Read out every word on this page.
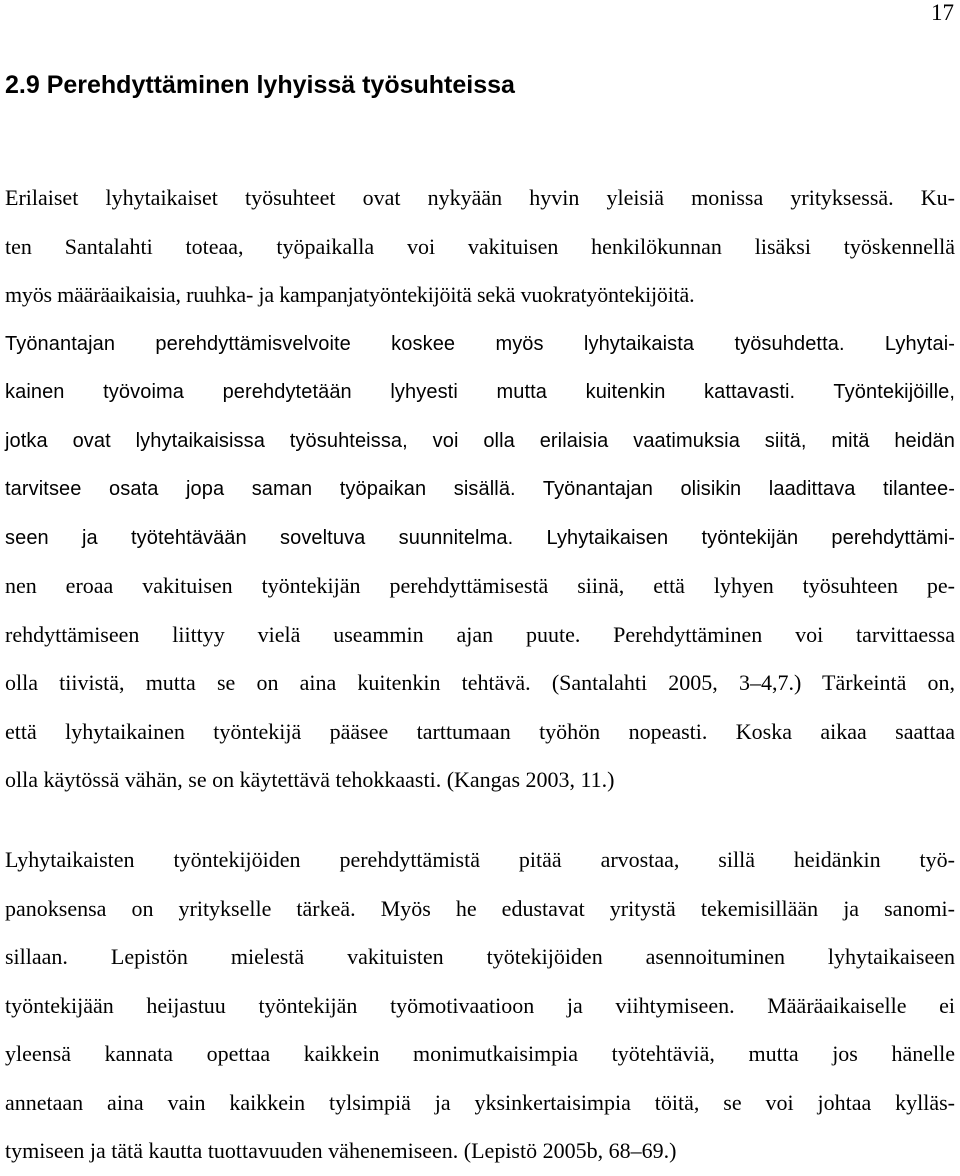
17
2.9 Perehdyttäminen lyhyissä työsuhteissa
Erilaiset lyhytaikaiset työsuhteet ovat nykyään hyvin yleisiä monissa yrityksessä. Ku-
ten Santalahti toteaa, työpaikalla voi vakituisen henkilökunnan lisäksi työskennellä
myös määräaikaisia, ruuhka- ja kampanjatyöntekijöitä sekä vuokratyöntekijöitä.
Työnantajan perehdyttämisvelvoite koskee myös lyhytaikaista työsuhdetta. Lyhytai-
kainen työvoima perehdytetään lyhyesti mutta kuitenkin kattavasti. Työntekijöille,
jotka ovat lyhytaikaisissa työsuhteissa, voi olla erilaisia vaatimuksia siitä, mitä heidän
tarvitsee osata jopa saman työpaikan sisällä. Työnantajan olisikin laadittava tilantee-
seen ja työtehtävään soveltuva suunnitelma. Lyhytaikaisen työntekijän perehdyttämi-
nen eroaa vakituisen työntekijän perehdyttämisestä siinä, että lyhyen työsuhteen pe-
rehdyttämiseen liittyy vielä useammin ajan puute. Perehdyttäminen voi tarvittaessa
olla tiivistä, mutta se on aina kuitenkin tehtävä. (Santalahti 2005, 3–4,7.) Tärkeintä on,
että lyhytaikainen työntekijä pääsee tarttumaan työhön nopeasti. Koska aikaa saattaa
olla käytössä vähän, se on käytettävä tehokkaasti. (Kangas 2003, 11.)
Lyhytaikaisten työntekijöiden perehdyttämistä pitää arvostaa, sillä heidänkin työ-
panoksensa on yritykselle tärkeä. Myös he edustavat yritystä tekemisillään ja sanomi-
sillaan. Lepistön mielestä vakituisten työtekijöiden asennoituminen lyhytaikaiseen
työntekijään heijastuu työntekijän työmotivaatioon ja viihtymiseen. Määräaikaiselle ei
yleensä kannata opettaa kaikkein monimutkaisimpia työtehtäviä, mutta jos hänelle
annetaan aina vain kaikkein tylsimpiä ja yksinkertaisimpia töitä, se voi johtaa kylläs-
tymiseen ja tätä kautta tuottavuuden vähenemiseen. (Lepistö 2005b, 68–69.)
